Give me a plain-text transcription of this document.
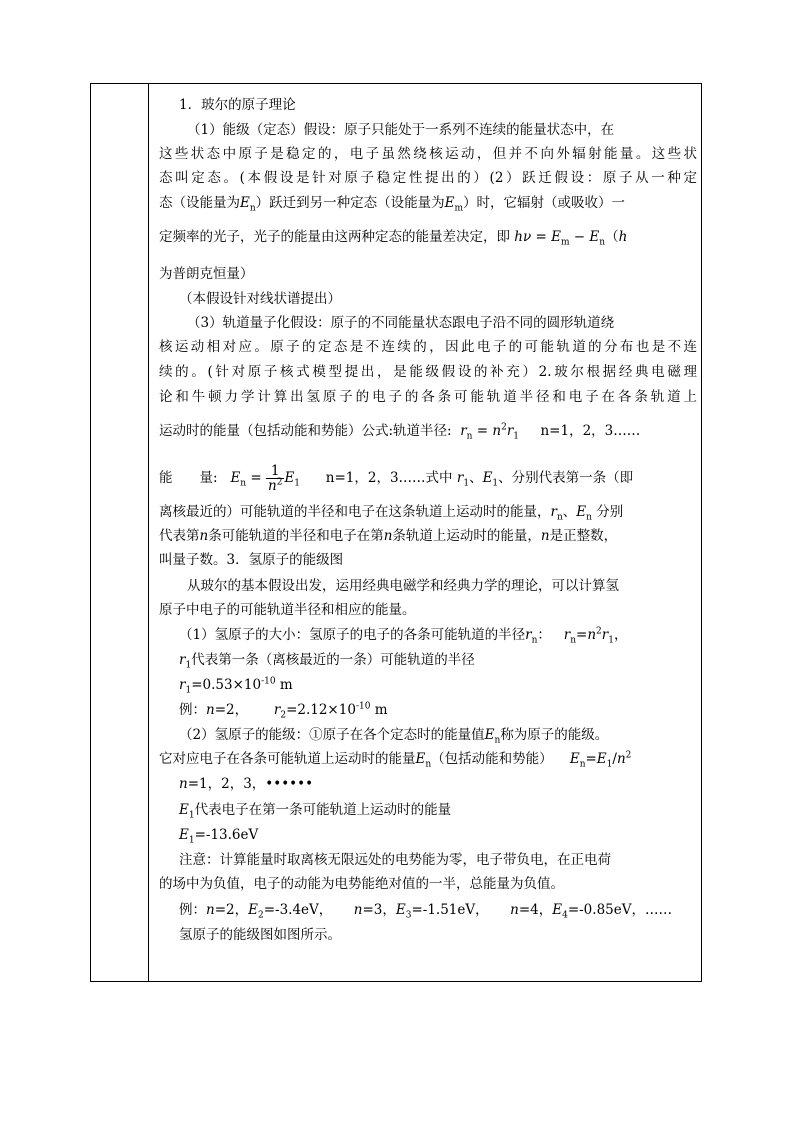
1．玻尔的原子理论
（1）能级（定态）假设：原子只能处于一系列不连续的能量状态中，在
这些状态中原子是稳定的，电子虽然绕核运动，但并不向外辐射能量。这些状
态叫定态。(本假设是针对原子稳定性提出的）(2）跃迁假设：原子从一种定
态（设能量为$E_n$）跃迁到另一种定态（设能量为$E_m$）时，它辐射（或吸收）一
定频率的光子，光子的能量由这两种定态的能量差决定，即 $h\nu = E_m - E_n(h$
为普朗克恒量）
（本假设针对线状谱提出）
（3）轨道量子化假设：原子的不同能量状态跟电子沿不同的圆形轨道绕
核运动相对应。原子的定态是不连续的，因此电子的可能轨道的分布也是不连
续的。(针对原子核式模型提出，是能级假设的补充）2.玻尔根据经典电磁理
论和牛顿力学计算出氢原子的电子的各条可能轨道半径和电子在各条轨道上
运动时的能量（包括动能和势能）公式:轨道半径: $r_n = n^2r_1$ n=1，2，3……
能　　量: $E_n = \frac{1}{n^2} E_1$ n=1，2，3……式中 $r_1$、$E_1$、分别代表第一条（即
离核最近的）可能轨道的半径和电子在这条轨道上运动时的能量，$r_n$、$E_n$ 分别
代表第n条可能轨道的半径和电子在第n条轨道上运动时的能量，n是正整数，
叫量子数。3．氢原子的能级图
从玻尔的基本假设出发，运用经典电磁学和经典力学的理论，可以计算氢
原子中电子的可能轨道半径和相应的能量。
（1）氢原子的大小：氢原子的电子的各条可能轨道的半径$r_n$：   $r_n=n^2r_1$，
$r_1$代表第一条（离核最近的一条）可能轨道的半径
$r_1=0.53\times 10^{-10}$ m
例：n=2， $r_2=2.12\times 10^{-10}$ m
（2）氢原子的能级：①原子在各个定态时的能量值$E_n$称为原子的能级。
它对应电子在各条可能轨道上运动时的能量$E_n$（包括动能和势能） $E_n=E_1/n^2$
n=1，2，3，••••••
$E_1$代表电子在第一条可能轨道上运动时的能量
$E_1=-13.6eV$
注意：计算能量时取离核无限远处的电势能为零，电子带负电，在正电荷
的场中为负值，电子的动能为电势能绝对值的一半，总能量为负值。
例：n=2，$E_2=-3.4eV$， n=3，$E_3=-1.51eV$， n=4，$E_4=-0.85eV$，……
氢原子的能级图如图所示。
